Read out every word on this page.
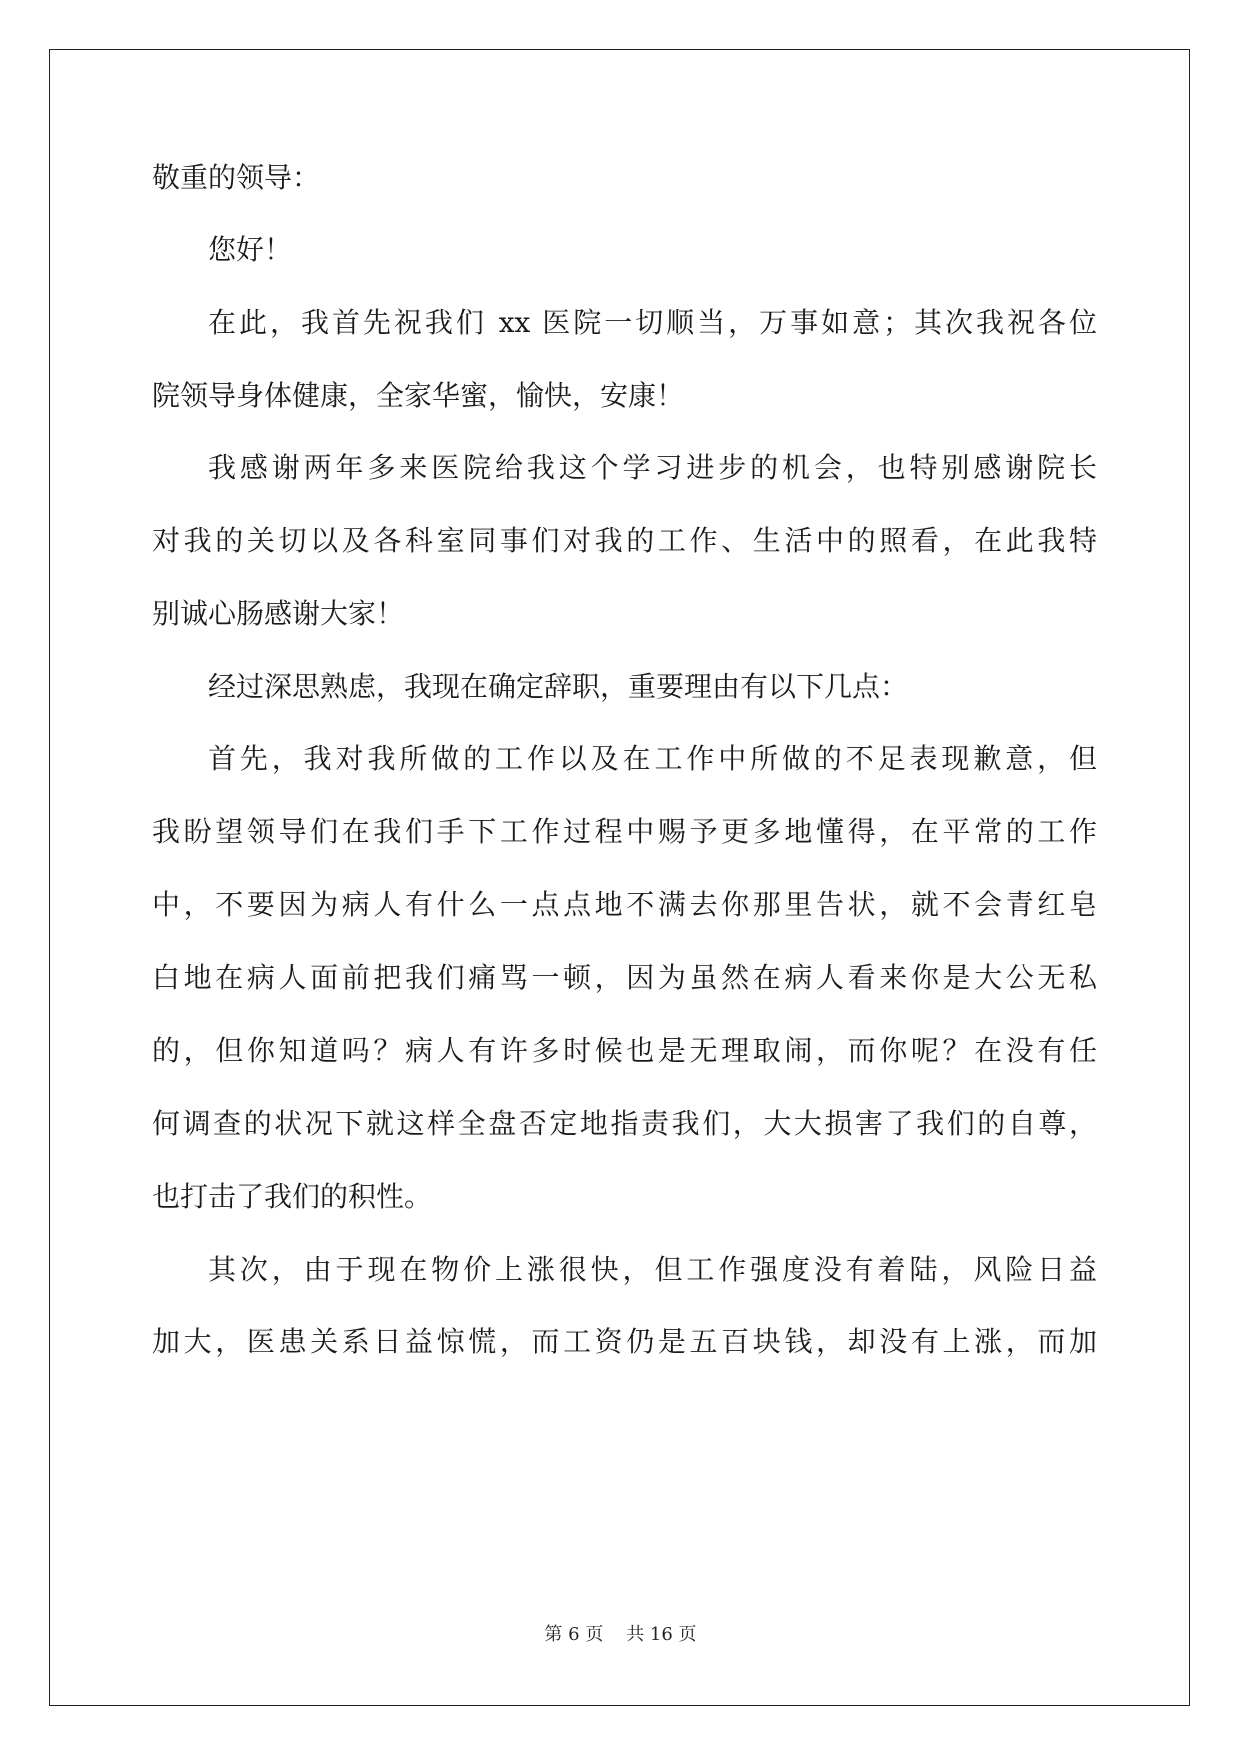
敬重的领导：
您好！
在此，我首先祝我们 xx 医院一切顺当，万事如意；其次我祝各位
院领导身体健康，全家华蜜，愉快，安康！
我感谢两年多来医院给我这个学习进步的机会，也特别感谢院长
对我的关切以及各科室同事们对我的工作、生活中的照看，在此我特
别诚心肠感谢大家！
经过深思熟虑，我现在确定辞职，重要理由有以下几点：
首先，我对我所做的工作以及在工作中所做的不足表现歉意，但
我盼望领导们在我们手下工作过程中赐予更多地懂得，在平常的工作
中，不要因为病人有什么一点点地不满去你那里告状，就不会青红皂
白地在病人面前把我们痛骂一顿，因为虽然在病人看来你是大公无私
的，但你知道吗？病人有许多时候也是无理取闹，而你呢？在没有任
何调查的状况下就这样全盘否定地指责我们，大大损害了我们的自尊，
也打击了我们的积性。
其次，由于现在物价上涨很快，但工作强度没有着陆，风险日益
加大，医患关系日益惊慌，而工资仍是五百块钱，却没有上涨，而加
第 6 页    共 16 页
